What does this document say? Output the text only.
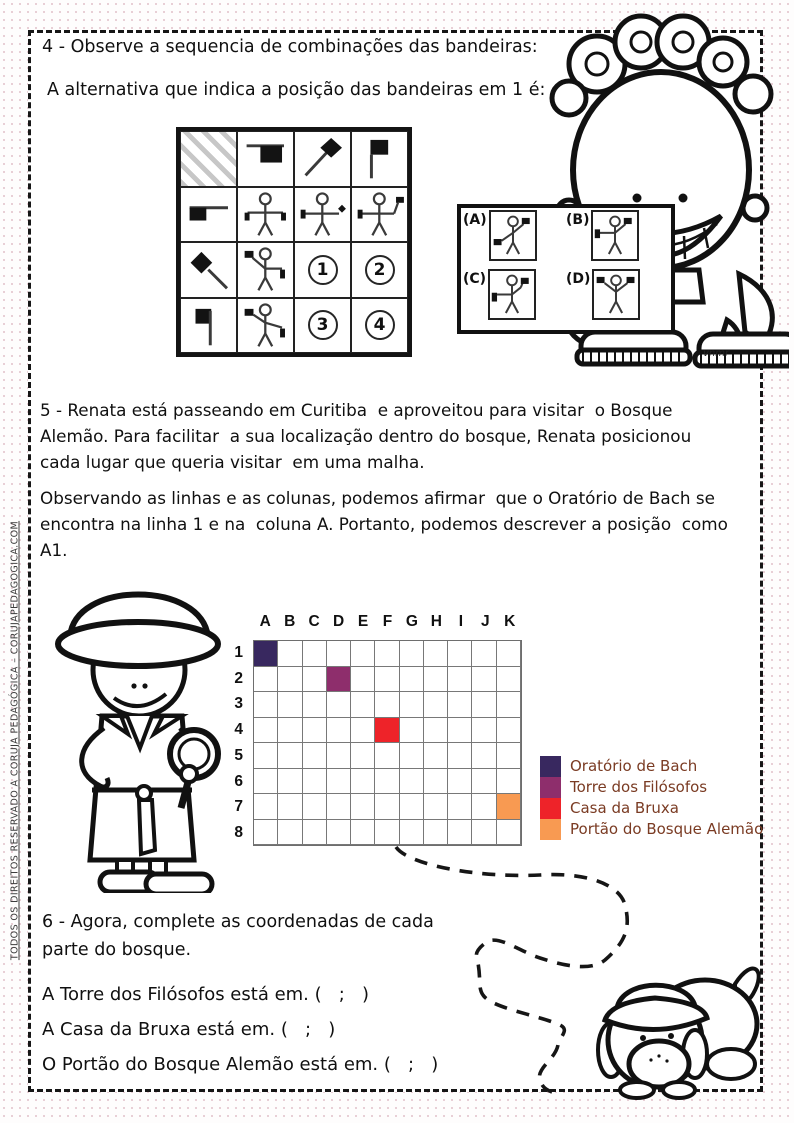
TODOS OS DIREITOS RESERVADO A CORUJA PEDAGÓGICA – CORUJAPEDAGOGICA.COM
4 - Observe a sequencia de combinações das bandeiras:
A alternativa que indica a posição das bandeiras em 1 é:
1	2
3	4
(A)	(B)
(C)	(D)
5 - Renata está passeando em Curitiba  e aproveitou para visitar  o Bosque
Alemão. Para facilitar  a sua localização dentro do bosque, Renata posicionou
cada lugar que queria visitar  em uma malha.
Observando as linhas e as colunas, podemos afirmar  que o Oratório de Bach se
encontra na linha 1 e na  coluna A. Portanto, podemos descrever a posição  como
A1.
A B C D E F G H	I	J K
1
2
3
4
5
6
7
8
Oratório de Bach
Torre dos Filósofos
Casa da Bruxa
Portão do Bosque Alemão
6 - Agora, complete as coordenadas de cada
parte do bosque.
A Torre dos Filósofos está em. (   ;   )
A Casa da Bruxa está em. (   ;   )
O Portão do Bosque Alemão está em. (   ;   )
vnmr
